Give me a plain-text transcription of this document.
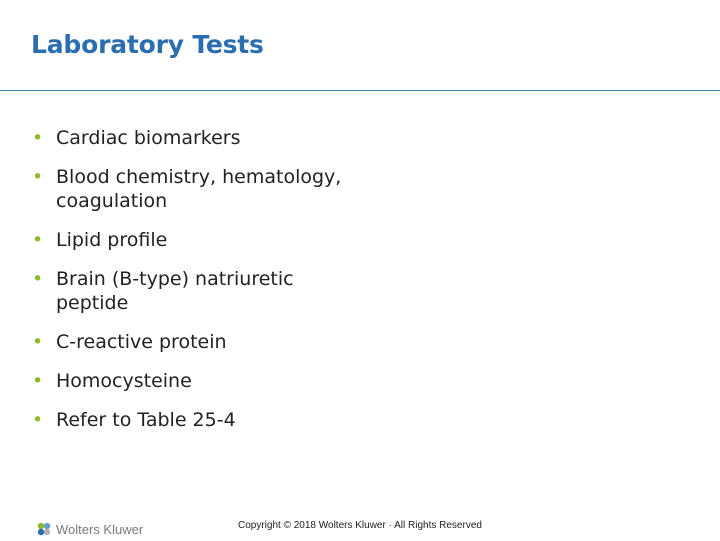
Laboratory Tests
• Cardiac biomarkers
• Blood chemistry, hematology, coagulation
• Lipid profile
• Brain (B-type) natriuretic peptide
• C-reactive protein
• Homocysteine
• Refer to Table 25-4
Wolters Kluwer	Copyright © 2018 Wolters Kluwer · All Rights Reserved
